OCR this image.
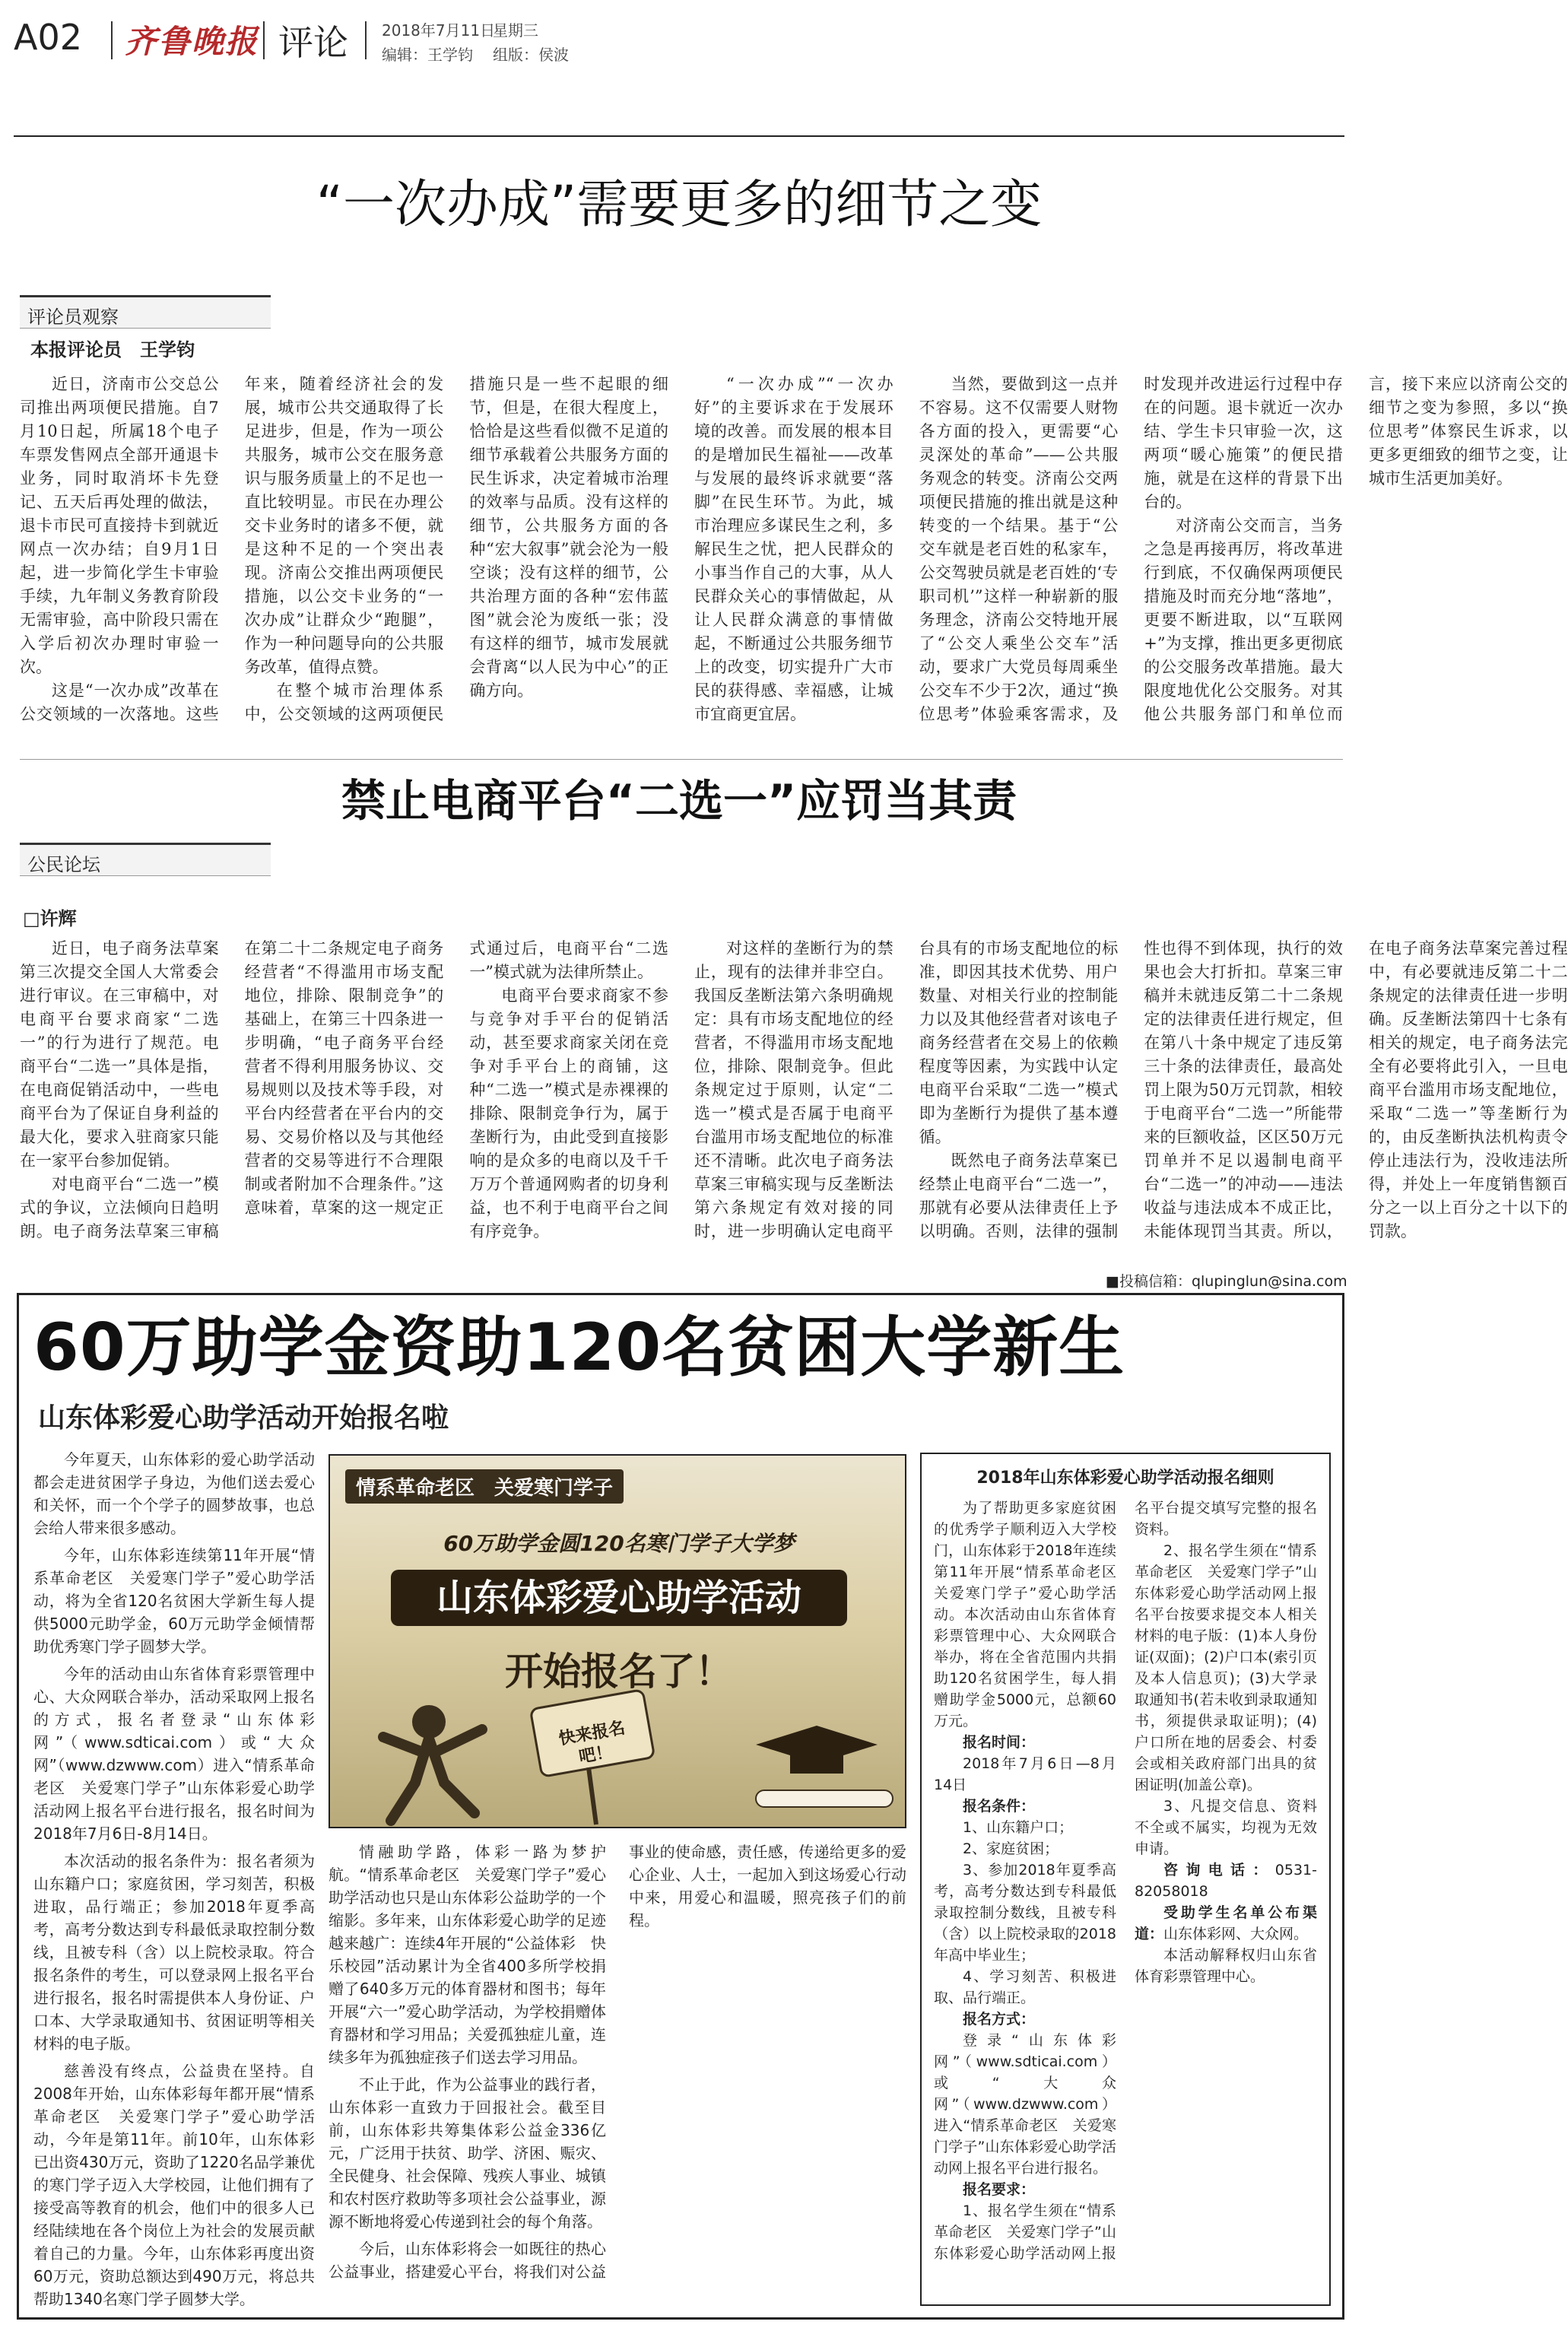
A02 齐鲁晚报 评论 2018年7月11日
星期三
编辑：王学钧 组版：侯波
“一次办成”需要更多的细节之变
评论员观察
本报评论员　王学钧

近日，济南市公交总公司推出两项便民措施。自7月10日起，所属18个电子车票发售网点全部开通退卡业务，同时取消坏卡先登记、五天后再处理的做法，退卡市民可直接持卡到就近网点一次办结；自9月1日起，进一步简化学生卡审验手续，九年制义务教育阶段无需审验，高中阶段只需在入学后初次办理时审验一次。

这是“一次办成”改革在公交领域的一次落地。这些年来，随着经济社会的发展，城市公共交通取得了长足进步，但是，作为一项公共服务，城市公交在服务意识与服务质量上的不足也一直比较明显。市民在办理公交卡业务时的诸多不便，就是这种不足的一个突出表现。济南公交推出两项便民措施，以公交卡业务的“一次办成”让群众少“跑腿”，作为一种问题导向的公共服务改革，值得点赞。

在整个城市治理体系中，公交领域的这两项便民措施只是一些不起眼的细节，但是，在很大程度上，恰恰是这些看似微不足道的细节承载着公共服务方面的民生诉求，决定着城市治理的效率与品质。没有这样的细节，公共服务方面的各种“宏大叙事”就会沦为一般空谈；没有这样的细节，公共治理方面的各种“宏伟蓝图”就会沦为废纸一张；没有这样的细节，城市发展就会背离“以人民为中心”的正确方向。

“一次办成”“一次办好”的主要诉求在于发展环境的改善。而发展的根本目的是增加民生福祉——改革与发展的最终诉求就要“落脚”在民生环节。为此，城市治理应多谋民生之利，多解民生之忧，把人民群众的小事当作自己的大事，从人民群众关心的事情做起，从让人民群众满意的事情做起，不断通过公共服务细节上的改变，切实提升广大市民的获得感、幸福感，让城市宜商更宜居。

当然，要做到这一点并不容易。这不仅需要人财物各方面的投入，更需要“心灵深处的革命”——公共服务观念的转变。济南公交两项便民措施的推出就是这种转变的一个结果。基于“公交车就是老百姓的私家车，公交驾驶员就是老百姓的‘专职司机’”这样一种崭新的服务理念，济南公交特地开展了“公交人乘坐公交车”活动，要求广大党员每周乘坐公交车不少于2次，通过“换位思考”体验乘客需求，及时发现并改进运行过程中存在的问题。退卡就近一次办结、学生卡只审验一次，这两项“暖心施策”的便民措施，就是在这样的背景下出台的。

对济南公交而言，当务之急是再接再厉，将改革进行到底，不仅确保两项便民措施及时而充分地“落地”，更要不断进取，以“互联网+”为支撑，推出更多更彻底的公交服务改革措施。最大限度地优化公交服务。对其他公共服务部门和单位而言，接下来应以济南公交的细节之变为参照，多以“换位思考”体察民生诉求，以更多更细致的细节之变，让城市生活更加美好。

禁止电商平台“二选一”应罚当其责
公民论坛
□许辉

近日，电子商务法草案第三次提交全国人大常委会进行审议。在三审稿中，对电商平台要求商家“二选一”的行为进行了规范。电商平台“二选一”具体是指，在电商促销活动中，一些电商平台为了保证自身利益的最大化，要求入驻商家只能在一家平台参加促销。

对电商平台“二选一”模式的争议，立法倾向日趋明朗。电子商务法草案三审稿在第二十二条规定电子商务经营者“不得滥用市场支配地位，排除、限制竞争”的基础上，在第三十四条进一步明确，“电子商务平台经营者不得利用服务协议、交易规则以及技术等手段，对平台内经营者在平台内的交易、交易价格以及与其他经营者的交易等进行不合理限制或者附加不合理条件。”这意味着，草案的这一规定正式通过后，电商平台“二选一”模式就为法律所禁止。

电商平台要求商家不参与竞争对手平台的促销活动，甚至要求商家关闭在竞争对手平台上的商铺，这种“二选一”模式是赤裸裸的排除、限制竞争行为，属于垄断行为，由此受到直接影响的是众多的电商以及千千万万个普通网购者的切身利益，也不利于电商平台之间有序竞争。

对这样的垄断行为的禁止，现有的法律并非空白。我国反垄断法第六条明确规定：具有市场支配地位的经营者，不得滥用市场支配地位，排除、限制竞争。但此条规定过于原则，认定“二选一”模式是否属于电商平台滥用市场支配地位的标准还不清晰。此次电子商务法草案三审稿实现与反垄断法第六条规定有效对接的同时，进一步明确认定电商平台具有的市场支配地位的标准，即因其技术优势、用户数量、对相关行业的控制能力以及其他经营者对该电子商务经营者在交易上的依赖程度等因素，为实践中认定电商平台采取“二选一”模式即为垄断行为提供了基本遵循。

既然电子商务法草案已经禁止电商平台“二选一”，那就有必要从法律责任上予以明确。否则，法律的强制性也得不到体现，执行的效果也会大打折扣。草案三审稿并未就违反第二十二条规定的法律责任进行规定，但在第八十条中规定了违反第三十条的法律责任，最高处罚上限为50万元罚款，相较于电商平台“二选一”所能带来的巨额收益，区区50万元罚单并不足以遏制电商平台“二选一”的冲动——违法收益与违法成本不成正比，未能体现罚当其责。所以，在电子商务法草案完善过程中，有必要就违反第二十二条规定的法律责任进一步明确。反垄断法第四十七条有相关的规定，电子商务法完全有必要将此引入，一旦电商平台滥用市场支配地位，采取“二选一”等垄断行为的，由反垄断执法机构责令停止违法行为，没收违法所得，并处上一年度销售额百分之一以上百分之十以下的罚款。

■投稿信箱：qlupinglun@sina.com
60万助学金资助120名贫困大学新生
山东体彩爱心助学活动开始报名啦

今年夏天，山东体彩的爱心助学活动都会走进贫困学子身边，为他们送去爱心和关怀，而一个个学子的圆梦故事，也总会给人带来很多感动。

今年，山东体彩连续第11年开展“情系革命老区　关爱寒门学子”爱心助学活动，将为全省120名贫困大学新生每人提供5000元助学金，60万元助学金倾情帮助优秀寒门学子圆梦大学。

今年的活动由山东省体育彩票管理中心、大众网联合举办，活动采取网上报名的方式，报名者登录“山东体彩网”（www.sdticai.com）或“大众网”（www.dzwww.com）进入“情系革命老区　关爱寒门学子”山东体彩爱心助学活动网上报名平台进行报名，报名时间为2018年7月6日-8月14日。

本次活动的报名条件为：报名者须为山东籍户口；家庭贫困，学习刻苦，积极进取，品行端正；参加2018年夏季高考，高考分数达到专科最低录取控制分数线，且被专科（含）以上院校录取。符合报名条件的考生，可以登录网上报名平台进行报名，报名时需提供本人身份证、户口本、大学录取通知书、贫困证明等相关材料的电子版。

慈善没有终点，公益贵在坚持。自2008年开始，山东体彩每年都开展“情系革命老区　关爱寒门学子”爱心助学活动，今年是第11年。前10年，山东体彩已出资430万元，资助了1220名品学兼优的寒门学子迈入大学校园，让他们拥有了接受高等教育的机会，他们中的很多人已经陆续地在各个岗位上为社会的发展贡献着自己的力量。今年，山东体彩再度出资60万元，资助总额达到490万元，将总共帮助1340名寒门学子圆梦大学。

情系革命老区　关爱寒门学子
60万助学金圆120名寒门学子大学梦
山东体彩爱心助学活动
开始报名了！
快来报名吧！

情融助学路，体彩一路为梦护航。“情系革命老区　关爱寒门学子”爱心助学活动也只是山东体彩公益助学的一个缩影。多年来，山东体彩爱心助学的足迹越来越广：连续4年开展的“公益体彩　快乐校园”活动累计为全省400多所学校捐赠了640多万元的体育器材和图书；每年开展“六一”爱心助学活动，为学校捐赠体育器材和学习用品；关爱孤独症儿童，连续多年为孤独症孩子们送去学习用品。

不止于此，作为公益事业的践行者，山东体彩一直致力于回报社会。截至目前，山东体彩共筹集体彩公益金336亿元，广泛用于扶贫、助学、济困、赈灾、全民健身、社会保障、残疾人事业、城镇和农村医疗救助等多项社会公益事业，源源不断地将爱心传递到社会的每个角落。

今后，山东体彩将会一如既往的热心公益事业，搭建爱心平台，将我们对公益事业的使命感，责任感，传递给更多的爱心企业、人士，一起加入到这场爱心行动中来，用爱心和温暖，照亮孩子们的前程。

2018年山东体彩爱心助学活动报名细则

为了帮助更多家庭贫困的优秀学子顺利迈入大学校门，山东体彩于2018年连续第11年开展“情系革命老区　关爱寒门学子”爱心助学活动。本次活动由山东省体育彩票管理中心、大众网联合举办，将在全省范围内共捐助120名贫困学生，每人捐赠助学金5000元，总额60万元。

报名时间：

2018年7月6日—8月14日

报名条件：

1、山东籍户口；

2、家庭贫困；

3、参加2018年夏季高考，高考分数达到专科最低录取控制分数线，且被专科（含）以上院校录取的2018年高中毕业生；

4、学习刻苦、积极进取、品行端正。

报名方式：

登录“山东体彩网”（www.sdticai.com）或“大众网”（www.dzwww.com）进入“情系革命老区　关爱寒门学子”山东体彩爱心助学活动网上报名平台进行报名。

报名要求：

1、报名学生须在“情系革命老区　关爱寒门学子”山东体彩爱心助学活动网上报名平台提交填写完整的报名资料。

2、报名学生须在“情系革命老区　关爱寒门学子”山东体彩爱心助学活动网上报名平台按要求提交本人相关材料的电子版：(1)本人身份证(双面)；(2)户口本(索引页及本人信息页)；(3)大学录取通知书(若未收到录取通知书，须提供录取证明)；(4)户口所在地的居委会、村委会或相关政府部门出具的贫困证明(加盖公章)。

3、凡提交信息、资料不全或不属实，均视为无效申请。

咨询电话：0531-82058018

受助学生名单公布渠道：山东体彩网、大众网。

本活动解释权归山东省体育彩票管理中心。
